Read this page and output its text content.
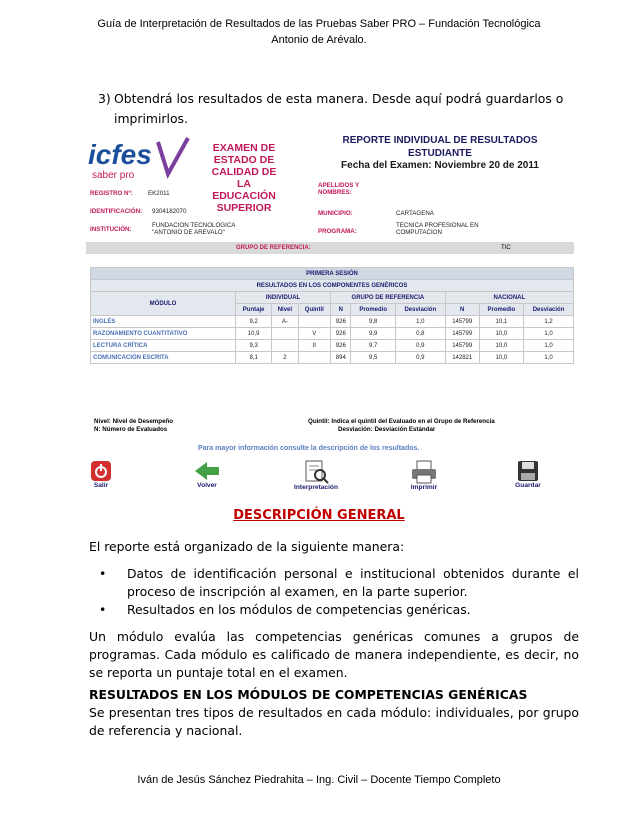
Guía de Interpretación de Resultados de las Pruebas Saber PRO – Fundación Tecnológica Antonio de Arévalo.
3) Obtendrá los resultados de esta manera. Desde aquí podrá guardarlos o imprimirlos.
icfes
saber pro
EXAMEN DE ESTADO DE CALIDAD DE LA EDUCACIÓN SUPERIOR
REPORTE INDIVIDUAL DE RESULTADOS
ESTUDIANTE
Fecha del Examen: Noviembre 20 de 2011
REGISTRO Nº: EK2011
IDENTIFICACIÓN: 9304182070
INSTITUCIÓN:
FUNDACION TECNOLOGICA "ANTONIO DE AREVALO"
APELLIDOS Y NOMBRES:
MUNICIPIO:	CARTAGENA
PROGRAMA:
TECNICA PROFESIONAL EN COMPUTACION
GRUPO DE REFERENCIA:	TIC
PRIMERA SESIÓN									
RESULTADOS EN LOS COMPONENTES GENÉRICOS									
MÓDULO	INDIVIDUAL			GRUPO DE REFERENCIA			NACIONAL		
	Puntaje	Nivel	Quintil	N	Promedio	Desviación	N	Promedio	Desviación
INGLÉS	9,2	A-		926	9,8	1,0	145799	10,1	1,2
RAZONAMIENTO CUANTITATIVO	10,9		V	926	9,9	0,8	145799	10,0	1,0
LECTURA CRÍTICA	9,3		II	926	9,7	0,9	145799	10,0	1,0
COMUNICACIÓN ESCRITA	8,1	2		894	9,5	0,9	142821	10,0	1,0
Nivel: Nivel de Desempeño
N: Número de Evaluados
Quintil: Indica el quintil del Evaluado en el Grupo de Referencia
Desviación: Desviación Estándar
Para mayor información consulte la descripción de los resultados.
Salir	Volver	Interpretación	Imprimir	Guardar
DESCRIPCIÓN GENERAL
El reporte está organizado de la siguiente manera:
• Datos de identificación personal e institucional obtenidos durante el proceso de inscripción al examen, en la parte superior.
• Resultados en los módulos de competencias genéricas.
Un módulo evalúa las competencias genéricas comunes a grupos de programas. Cada módulo es calificado de manera independiente, es decir, no se reporta un puntaje total en el examen.
RESULTADOS EN LOS MÓDULOS DE COMPETENCIAS GENÉRICAS
Se presentan tres tipos de resultados en cada módulo: individuales, por grupo de referencia y nacional.
Iván de Jesús Sánchez Piedrahita – Ing. Civil – Docente Tiempo Completo
